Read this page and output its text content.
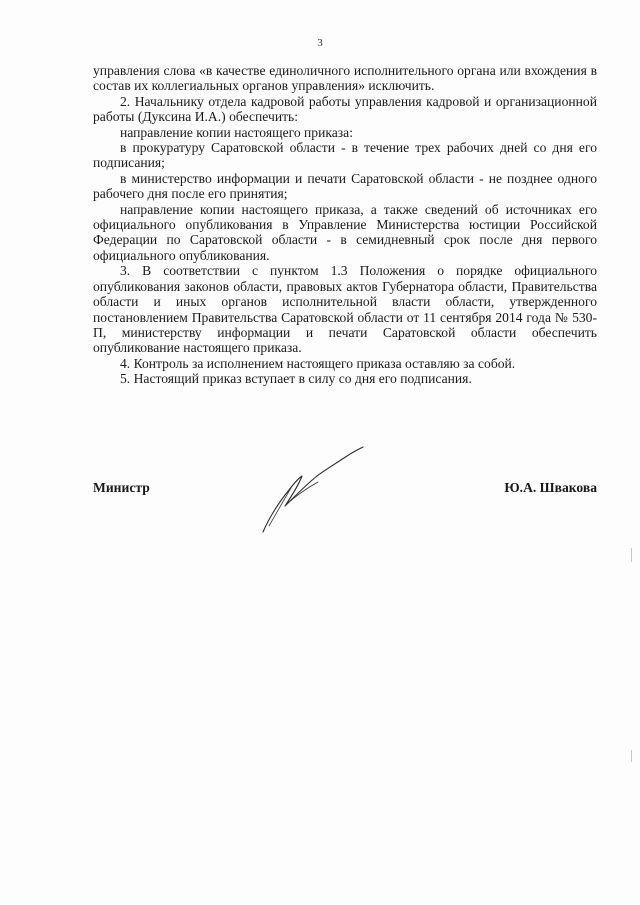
3

управления слова «в качестве единоличного исполнительного органа или вхождения в состав их коллегиальных органов управления» исключить.

2. Начальнику отдела кадровой работы управления кадровой и организационной работы (Дуксина И.А.) обеспечить:

направление копии настоящего приказа:

в прокуратуру Саратовской области - в течение трех рабочих дней со дня его подписания;

в министерство информации и печати Саратовской области - не позднее одного рабочего дня после его принятия;

направление копии настоящего приказа, а также сведений об источниках его официального опубликования в Управление Министерства юстиции Российской Федерации по Саратовской области - в семидневный срок после дня первого официального опубликования.

3. В соответствии с пунктом 1.3 Положения о порядке официального опубликования законов области, правовых актов Губернатора области, Правительства области и иных органов исполнительной власти области, утвержденного постановлением Правительства Саратовской области от 11 сентября 2014 года № 530-П, министерству информации и печати Саратовской области обеспечить опубликование настоящего приказа.

4. Контроль за исполнением настоящего приказа оставляю за собой.

5. Настоящий приказ вступает в силу со дня его подписания.

Министр	Ю.А. Шваковa
